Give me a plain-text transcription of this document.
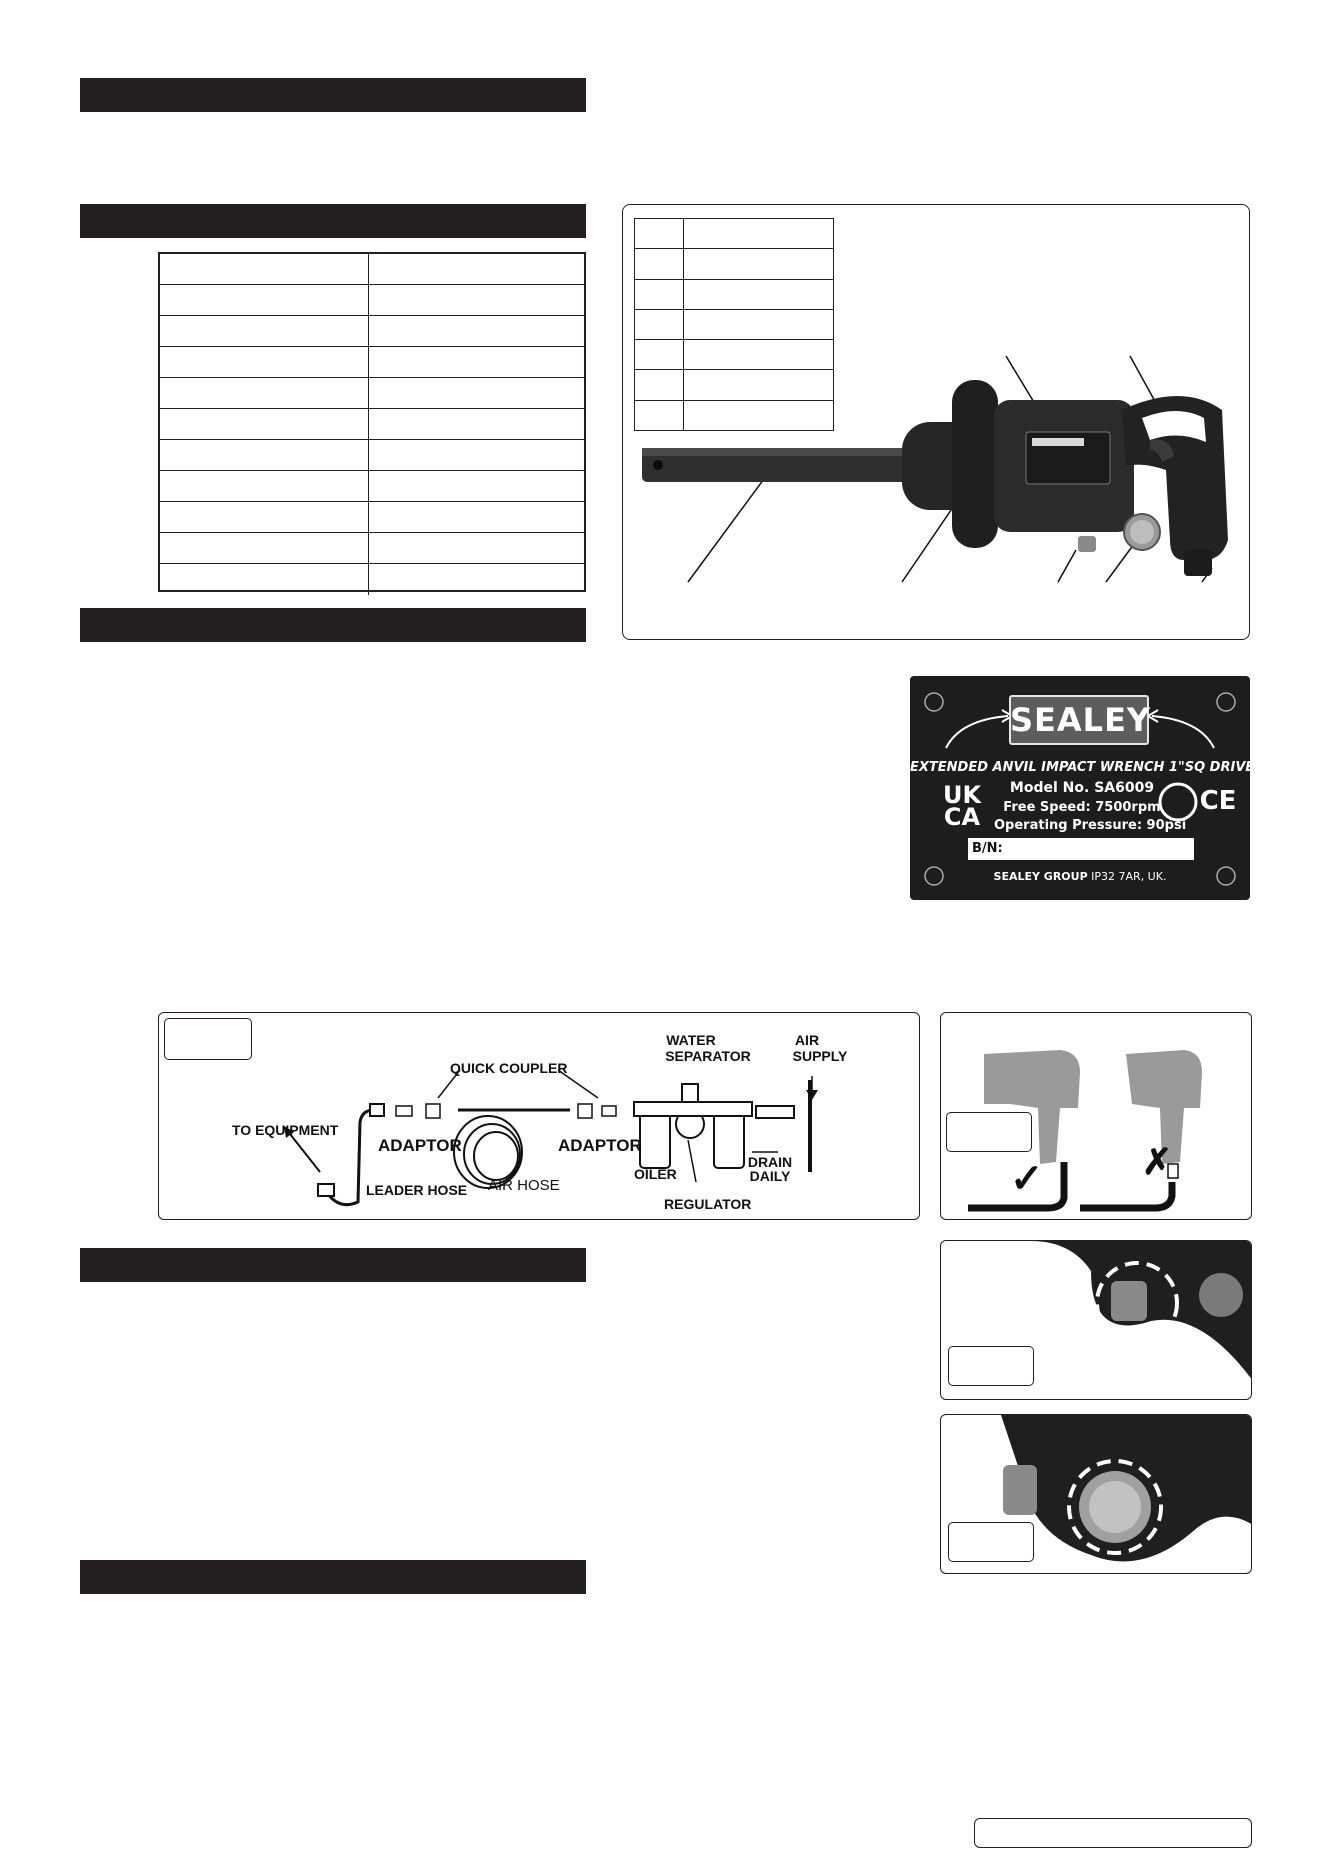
SEALEY
EXTENDED ANVIL IMPACT WRENCH 1"SQ DRIVE
UK
CA
Model No. SA6009
Free Speed: 7500rpm
Operating Pressure: 90psi
CE
B/N:
SEALEY GROUP IP32 7AR, UK.
TO EQUIPMENT
LEADER HOSE
ADAPTOR
QUICK COUPLER
AIR HOSE
ADAPTOR
OILER
REGULATOR
WATER
SEPARATOR
AIR
SUPPLY
DRAIN
DAILY	✓	✗
